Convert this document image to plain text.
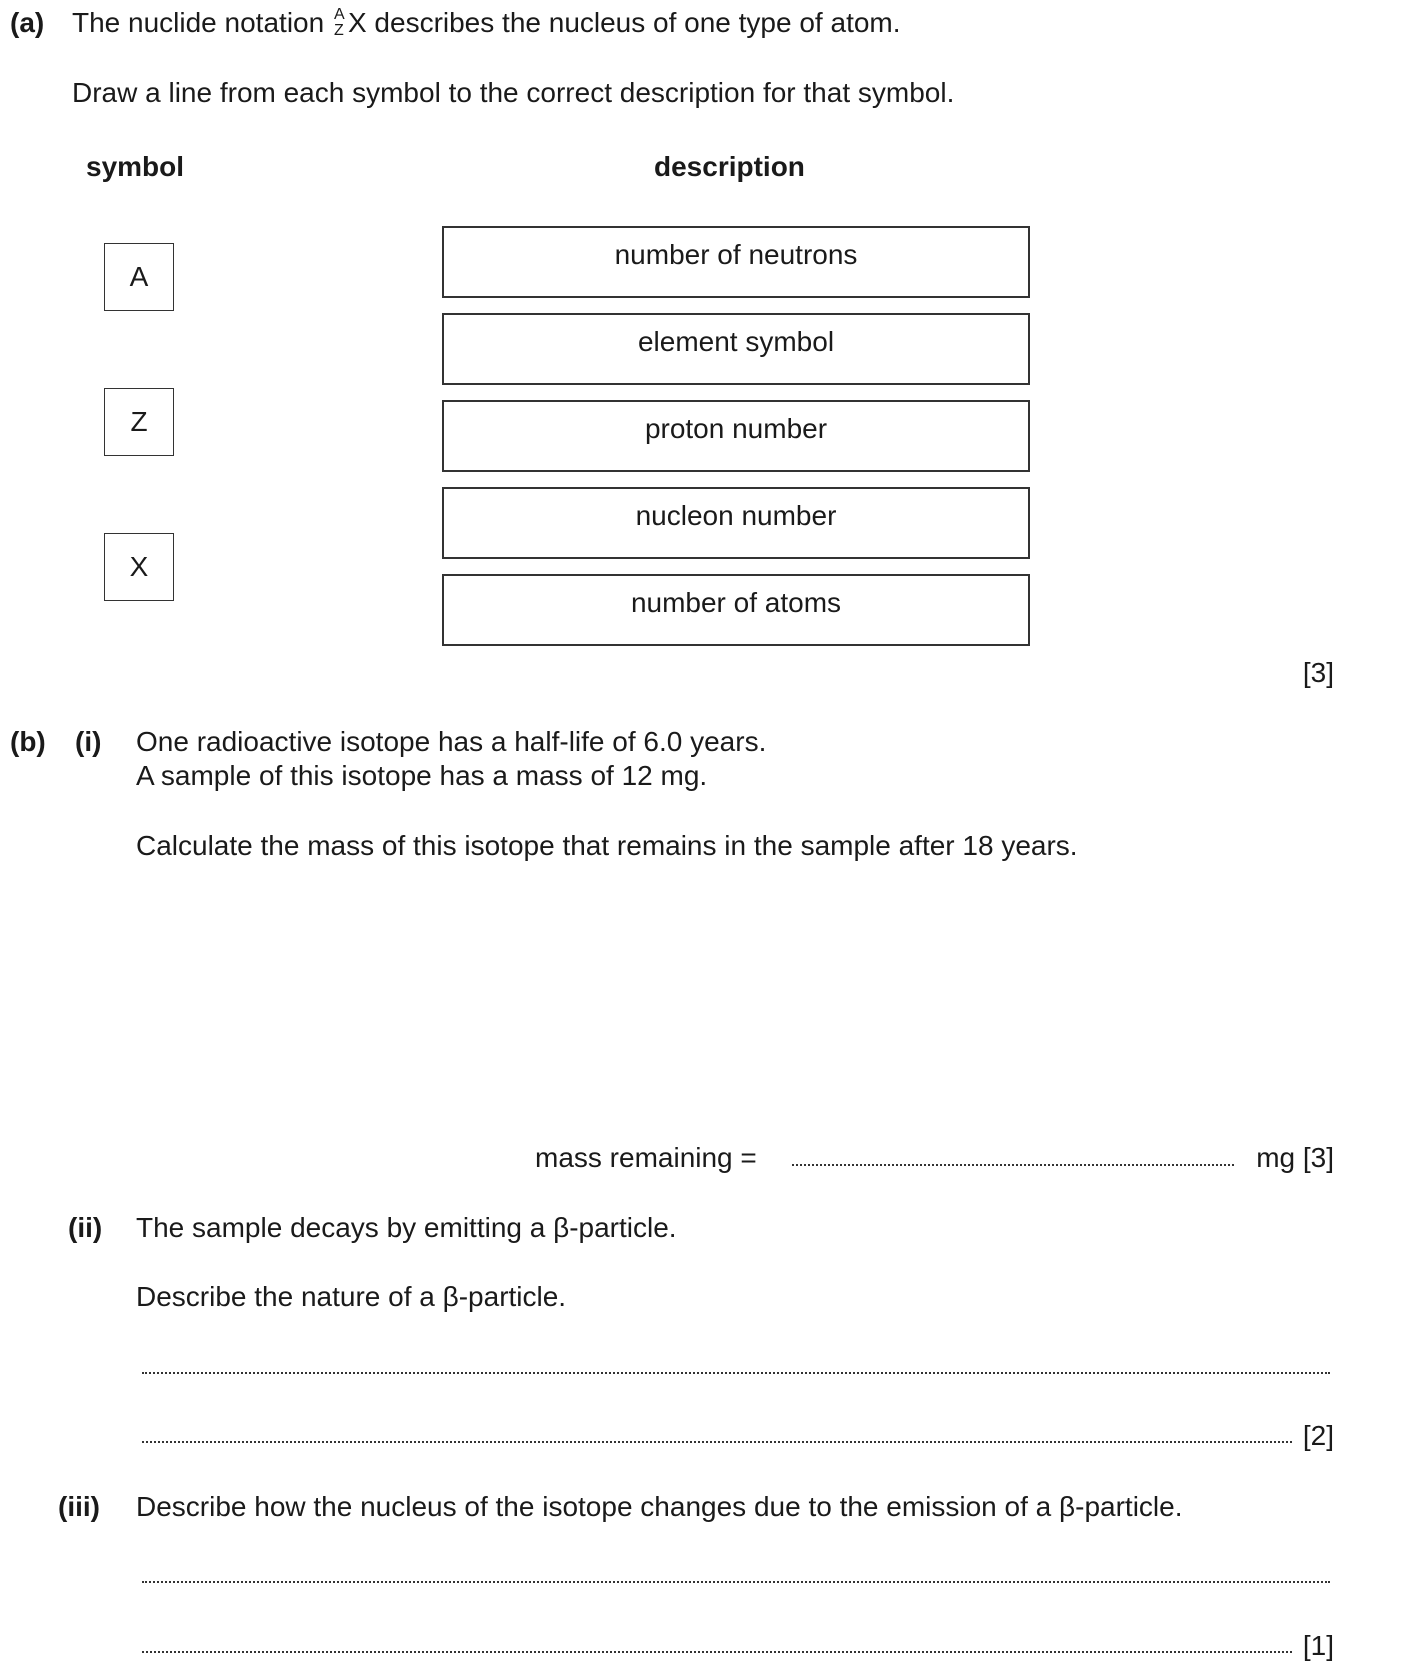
(a) The nuclide notation A
Z X describes the nucleus of one type of atom.
Draw a line from each symbol to the correct description for that symbol.
symbol	description
A
Z
X
number of neutrons
element symbol
proton number
nucleon number
number of atoms
[3]
(b) (i) One radioactive isotope has a half-life of 6.0 years.
A sample of this isotope has a mass of 12 mg.
Calculate the mass of this isotope that remains in the sample after 18 years.
mass remaining =	mg [3]
(ii) The sample decays by emitting a β-particle.
Describe the nature of a β-particle.
[2]
(iii) Describe how the nucleus of the isotope changes due to the emission of a β-particle.
[1]
